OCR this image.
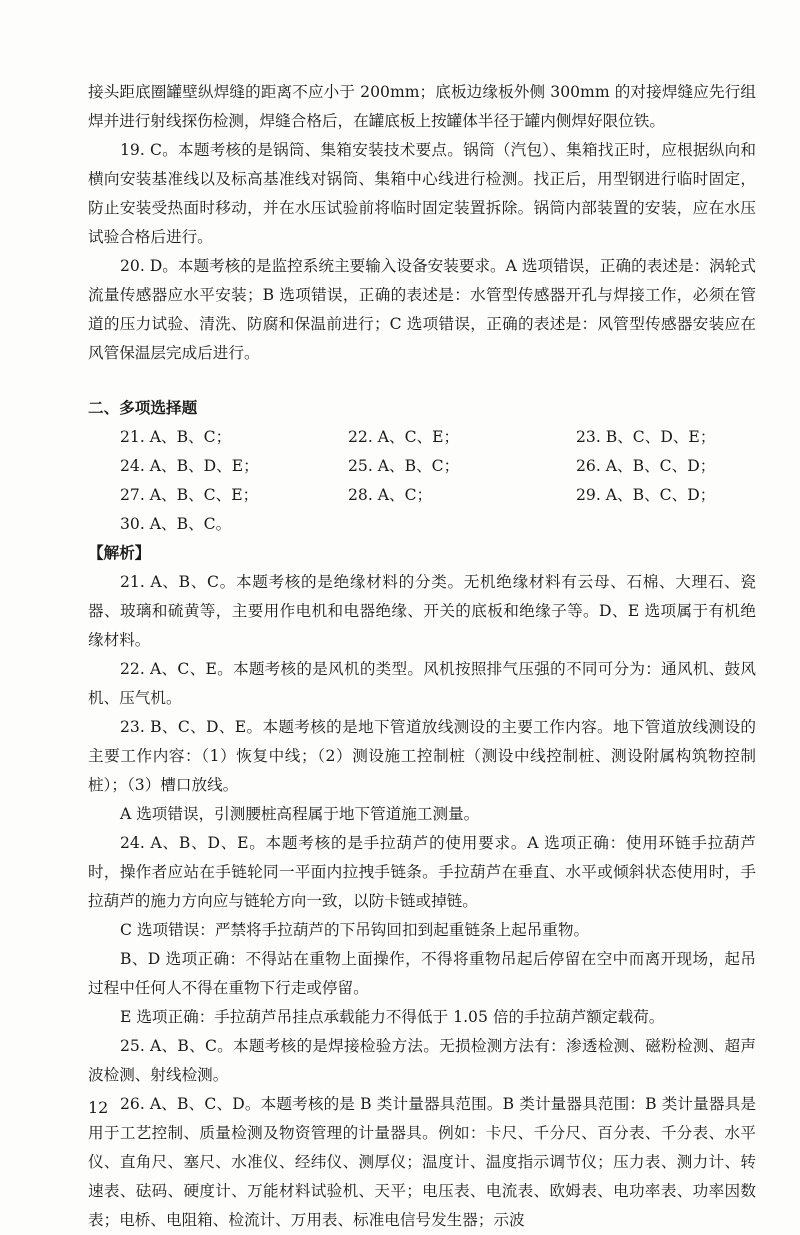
接头距底圈罐壁纵焊缝的距离不应小于 200mm；底板边缘板外侧 300mm 的对接焊缝应先行组焊并进行射线探伤检测，焊缝合格后，在罐底板上按罐体半径于罐内侧焊好限位铁。

19. C。本题考核的是锅筒、集箱安装技术要点。锅筒（汽包）、集箱找正时，应根据纵向和横向安装基准线以及标高基准线对锅筒、集箱中心线进行检测。找正后，用型钢进行临时固定，防止安装受热面时移动，并在水压试验前将临时固定装置拆除。锅筒内部装置的安装，应在水压试验合格后进行。

20. D。本题考核的是监控系统主要输入设备安装要求。A 选项错误，正确的表述是：涡轮式流量传感器应水平安装；B 选项错误，正确的表述是：水管型传感器开孔与焊接工作，必须在管道的压力试验、清洗、防腐和保温前进行；C 选项错误，正确的表述是：风管型传感器安装应在风管保温层完成后进行。

二、多项选择题
21. A、B、C；	22. A、C、E；	23. B、C、D、E；
24. A、B、D、E；	25. A、B、C；	26. A、B、C、D；
27. A、B、C、E；	28. A、C；	29. A、B、C、D；
30. A、B、C。

【解析】

21. A、B、C。本题考核的是绝缘材料的分类。无机绝缘材料有云母、石棉、大理石、瓷器、玻璃和硫黄等，主要用作电机和电器绝缘、开关的底板和绝缘子等。D、E 选项属于有机绝缘材料。

22. A、C、E。本题考核的是风机的类型。风机按照排气压强的不同可分为：通风机、鼓风机、压气机。

23. B、C、D、E。本题考核的是地下管道放线测设的主要工作内容。地下管道放线测设的主要工作内容：（1）恢复中线；（2）测设施工控制桩（测设中线控制桩、测设附属构筑物控制桩）；（3）槽口放线。

A 选项错误，引测腰桩高程属于地下管道施工测量。

24. A、B、D、E。本题考核的是手拉葫芦的使用要求。A 选项正确：使用环链手拉葫芦时，操作者应站在手链轮同一平面内拉拽手链条。手拉葫芦在垂直、水平或倾斜状态使用时，手拉葫芦的施力方向应与链轮方向一致，以防卡链或掉链。

C 选项错误：严禁将手拉葫芦的下吊钩回扣到起重链条上起吊重物。

B、D 选项正确：不得站在重物上面操作，不得将重物吊起后停留在空中而离开现场，起吊过程中任何人不得在重物下行走或停留。

E 选项正确：手拉葫芦吊挂点承载能力不得低于 1.05 倍的手拉葫芦额定载荷。

25. A、B、C。本题考核的是焊接检验方法。无损检测方法有：渗透检测、磁粉检测、超声波检测、射线检测。

26. A、B、C、D。本题考核的是 B 类计量器具范围。B 类计量器具范围：B 类计量器具是用于工艺控制、质量检测及物资管理的计量器具。例如：卡尺、千分尺、百分表、千分表、水平仪、直角尺、塞尺、水准仪、经纬仪、测厚仪；温度计、温度指示调节仪；压力表、测力计、转速表、砝码、硬度计、万能材料试验机、天平；电压表、电流表、欧姆表、电功率表、功率因数表；电桥、电阻箱、检流计、万用表、标准电信号发生器；示波

12
